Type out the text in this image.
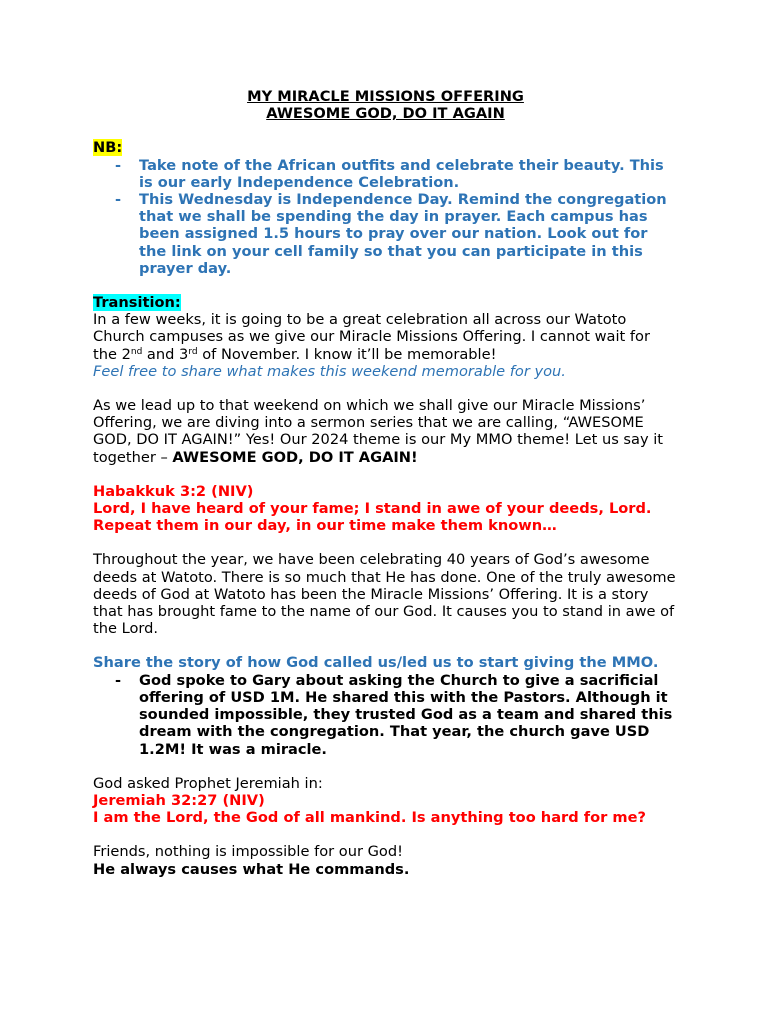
MY MIRACLE MISSIONS OFFERING

AWESOME GOD, DO IT AGAIN

NB:

- Take note of the African outfits and celebrate their beauty. This is our early Independence Celebration.
- This Wednesday is Independence Day. Remind the congregation that we shall be spending the day in prayer. Each campus has been assigned 1.5 hours to pray over our nation. Look out for the link on your cell family so that you can participate in this prayer day.

Transition:

In a few weeks, it is going to be a great celebration all across our Watoto Church campuses as we give our Miracle Missions Offering. I cannot wait for the 2nd and 3rd of November. I know it’ll be memorable!

Feel free to share what makes this weekend memorable for you.

As we lead up to that weekend on which we shall give our Miracle Missions’ Offering, we are diving into a sermon series that we are calling, “AWESOME GOD, DO IT AGAIN!” Yes! Our 2024 theme is our My MMO theme! Let us say it together – AWESOME GOD, DO IT AGAIN!

Habakkuk 3:2 (NIV)

Lord, I have heard of your fame; I stand in awe of your deeds, Lord. Repeat them in our day, in our time make them known…

Throughout the year, we have been celebrating 40 years of God’s awesome deeds at Watoto. There is so much that He has done. One of the truly awesome deeds of God at Watoto has been the Miracle Missions’ Offering. It is a story that has brought fame to the name of our God. It causes you to stand in awe of the Lord.

Share the story of how God called us/led us to start giving the MMO.

- God spoke to Gary about asking the Church to give a sacrificial offering of USD 1M. He shared this with the Pastors. Although it sounded impossible, they trusted God as a team and shared this dream with the congregation. That year, the church gave USD 1.2M! It was a miracle.

God asked Prophet Jeremiah in:

Jeremiah 32:27 (NIV)

I am the Lord, the God of all mankind. Is anything too hard for me?

Friends, nothing is impossible for our God!

He always causes what He commands.
